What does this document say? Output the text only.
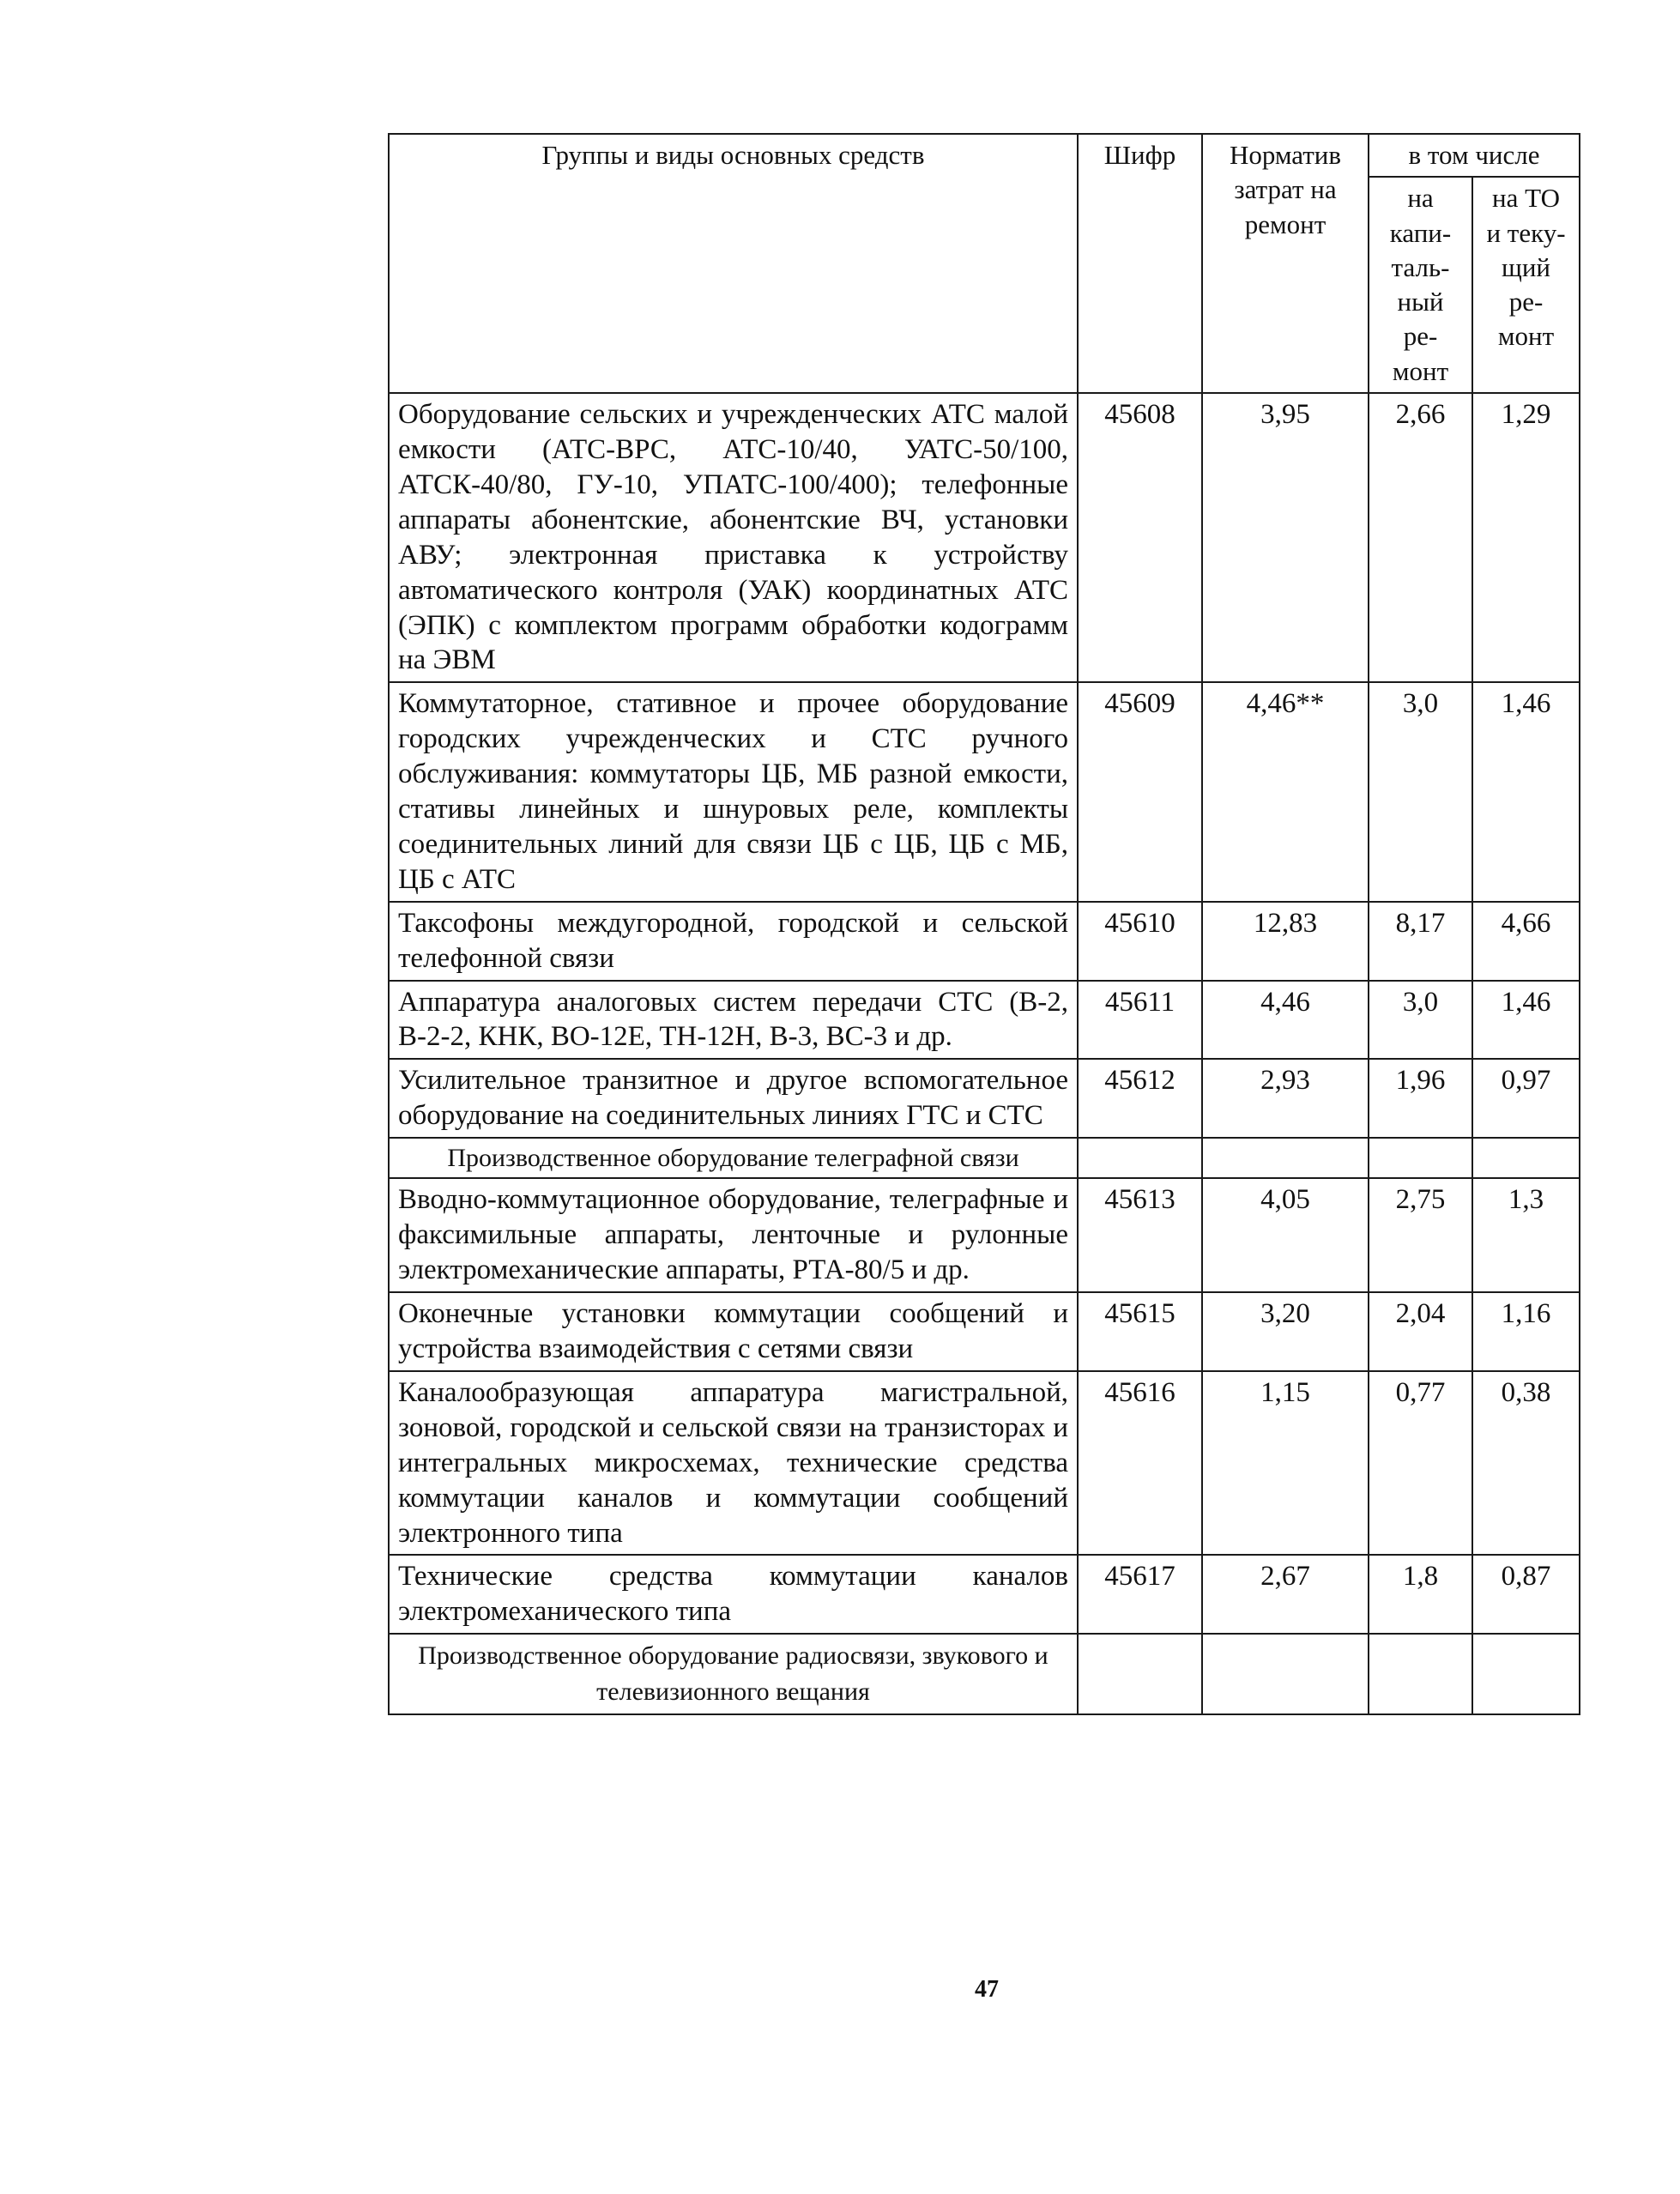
Группы и виды основных средств	Шифр	Норматив затрат на ремонт	в том числе	
			на капи-таль-ный ре-монт	на ТО и теку-щий ре-монт
Оборудование сельских и учрежденческих АТС малой емкости (АТС-ВРС, АТС-10/40, УАТС-50/100, АТСК-40/80, ГУ-10, УПАТС-100/400); телефонные аппараты абонентские, абонентские ВЧ, установки АВУ; электронная приставка к устройству автоматического контроля (УАК) координатных АТС (ЭПК) с комплектом программ обработки кодограмм на ЭВМ	45608	3,95	2,66	1,29
Коммутаторное, стативное и прочее оборудование городских учрежденческих и СТС ручного обслуживания: коммутаторы ЦБ, МБ разной емкости, стативы линейных и шнуровых реле, комплекты соединительных линий для связи ЦБ с ЦБ, ЦБ с МБ, ЦБ с АТС	45609	4,46**	3,0	1,46
Таксофоны междугородной, городской и сельской телефонной связи	45610	12,83	8,17	4,66
Аппаратура аналоговых систем передачи СТС (В-2, В-2-2, КНК, ВО-12Е, ТН-12Н, В-3, ВС-3 и др.	45611	4,46	3,0	1,46
Усилительное транзитное и другое вспомогательное оборудование на соединительных линиях ГТС и СТС	45612	2,93	1,96	0,97
Производственное оборудование телеграфной связи				
Вводно-коммутационное оборудование, телеграфные и факсимильные аппараты, ленточные и рулонные электромеханические аппараты, РТА-80/5 и др.	45613	4,05	2,75	1,3
Оконечные установки коммутации сообщений и устройства взаимодействия с сетями связи	45615	3,20	2,04	1,16
Каналообразующая аппаратура магистральной, зоновой, городской и сельской связи на транзисторах и интегральных микросхемах, технические средства коммутации каналов и коммутации сообщений электронного типа	45616	1,15	0,77	0,38
Технические средства коммутации каналов электромеханического типа	45617	2,67	1,8	0,87
Производственное оборудование радиосвязи, звукового и телевизионного вещания				
47
